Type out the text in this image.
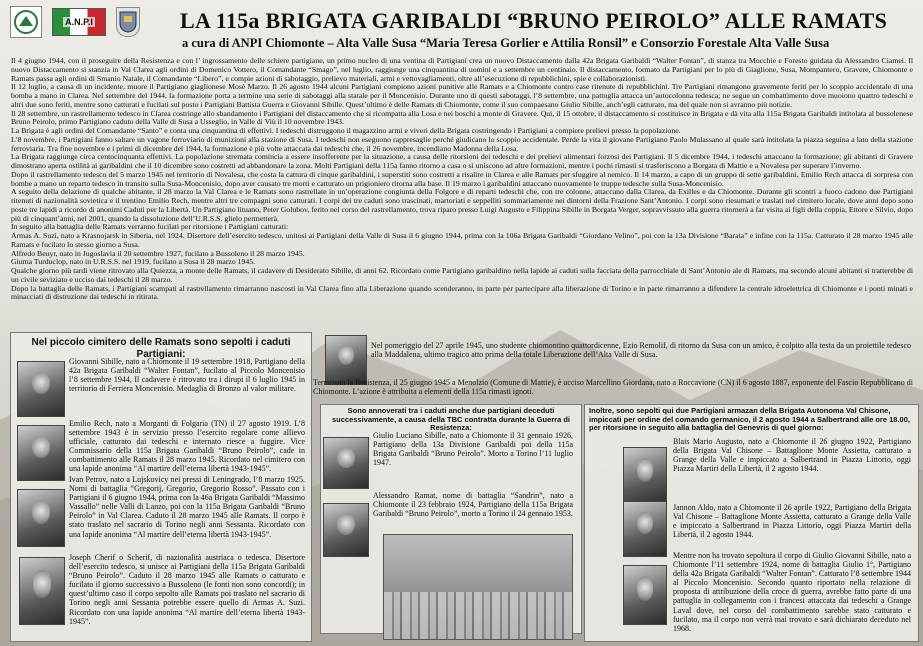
A.N.P.I	LA 115a BRIGATA GARIBALDI “BRUNO PEIROLO” ALLE RAMATS

a cura di ANPI Chiomonte – Alta Valle Susa “Maria Teresa Gorlier e Attilia Ronsil” e Consorzio Forestale Alta Valle Susa

Il 4 giugno 1944, con il proseguire della Resistenza e con l’ ingrossamento delle schiere partigiane, un primo nucleo di una ventina di Partigiani crea un nuovo Distaccamento dalla 42a Brigata Garibaldi “Walter Fontan”, di stanza tra Mocchie e Foresto guidata da Alessandro Ciamei. Il nuovo Distaccamento si stanzia in Val Clarea agli ordini di Domenico Vottero, il Comandante “Smago”, nel luglio, raggiunge una cinquantina di uomini e a settembre un centinaio. Il distaccamento, formato da Partigiani per lo più di Giaglione, Susa, Mompantero, Gravere, Chiomonte e Ramats passa agli ordini di Smanio Natale, il Comandante “Libero”, e compie azioni di sabotaggio, prelievo materiali, armi e vettovagliamenti, oltre all’esecuzione di repubblichini, spie e collaborazionisti.

Il 12 luglio, a causa di un incidente, muore il Partigiano giaglionese Mosè Marzo. Il 26 agosto 1944 alcuni Partigiani compiono azioni punitive alle Ramats e a Chiomonte contro case ritenute di repubblichini. Tre Partigiani rimangono gravemente feriti per lo scoppio accidentale di una bomba a mano in Clarea. Nel settembre del 1944, la formazione porta a termine una serie di sabotaggi alla statale per il Moncenisio. Durante uno di questi sabotaggi, l’8 settembre, una pattuglia attacca un’autocolonna tedesca; ne segue un combattimento dove muoiono quattro tedeschi e altri due sono feriti, mentre sono catturati e fucilati sul posto i Partigiani Battista Guerra e Giovanni Sibille. Quest’ultimo è delle Ramats di Chiomonte, come il suo compaesano Giulio Sibille, anch’egli catturato, ma del quale non si avranno più notizie.

Il 28 settembre, un rastrellamento tedesco in Clarea costringe allo sbandamento i Partigiani del distaccamento che si ricompatta alla Losa e nei boschi a monte di Gravere. Qui, il 15 ottobre, il distaccamento si costituisce in Brigata e dà vita alla 115a Brigata Garibaldi intitolata al bussolenese Bruno Peirolo, primo Partigiano caduto della Valle di Susa a Usseglio, in Valle di Viù il 10 novembre 1943.

La Brigata è agli ordini del Comandante “Santo” e conta una cinquantina di effettivi. I tedeschi distruggono il magazzino armi e viveri della Brigata costringendo i Partigiani a compiere prelievi presso la popolazione.

L’8 novembre, i Partigiani fanno saltare un vagone ferroviario di munizioni alla stazione di Susa. I tedeschi non eseguono rappresaglie perché giudicano lo scoppio accidentale. Perde la vita il giovane Partigiano Paolo Mulassano al quale sarà intitolata la piazza seguina a lato della stazione ferroviaria. Tra fine novembre e i primi di dicembre del 1944, la formazione è più volte attaccata dai tedeschi che, il 26 novembre, incendiano Madonna della Losa.

La Brigata raggiunge circa centocinquanta effettivi. La popolazione stremata comincia a essere insofferente per la situazione, a causa delle ritorsioni dei tedeschi e dei prelievi alimentari forzosi dei Partigiani. Il 5 dicembre 1944, i tedeschi attaccano la formazione; gli abitanti di Gravere dimostrano aperta ostilità ai garibaldini che il 10 dicembre sono costretti ad abbandonare la zona. Molti Partigiani della 115a fanno ritorno a casa o si uniscono ad altre formazioni, mentre i pochi rimasti si trasferiscono a Borgata di Mattie e a Novalesa per superare l’inverno.

Dopo il rastrellamento tedesco del 5 marzo 1945 nel territorio di Novalesa, che costa la cattura di cinque garibaldini, i superstiti sono costretti a risalire in Clarea e alle Ramats per sfuggire al nemico. Il 14 marzo, a capo di un gruppo di sette garibaldini, Emilio Rech attacca di sorpresa con bombe a mano un reparto tedesco in transito sulla Susa-Moncenisio, dopo aver causato tre morti e catturato un prigioniero ritorna alla base. Il 19 marzo i garibaldini attaccano nuovamente le truppe tedesche sulla Susa-Moncenisio.

A seguito della delazione di qualche abitante, il 28 marzo la Val Clarea e le Ramats sono rastrellate in un’operazione congiunta della Folgore e di reparti tedeschi che, con tre colonne, attaccano dalla Clarea, da Exilles e da Chiomonte. Durante gli scontri a fuoco cadono due Partigiani ritenuti di nazionalità sovietica e il trentino Emilio Rech, mentre altri tre compagni sono catturati. I corpi dei tre caduti sono trascinati, martoriati e seppelliti sommariamente nei dintorni della Frazione Sant’Antonio. I corpi sono riesumati e traslati nel cimitero locale, dove anni dopo sono poste tre lapidi a ricordo di anonimi Caduti per la Libertà. Un Partigiano lituano, Peter Golubov, ferito nel corso del rastrellamento, trova riparo presso Luigi Augusto e Filippina Sibille in Borgata Verger, sopravvissuto alla guerra ritornerà a far visita ai figli della coppia, Ettore e Silvio, dopo più di cinquant’anni, nel 2001, quando la dissoluzione dell’U.R.S.S. glielo permetterà.

In seguito alla battaglia delle Ramats verranno fucilati per ritorsione i Partigiani catturati:

Armas A. Suzi, nato a Krasnojarsk in Siberia, nel 1924. Disertore dell’esercito tedesco, unitosi ai Partigiani della Valle di Susa il 6 giugno 1944, prima con la 106a Brigata Garibaldi “Giordano Velino”, poi con la 13a Divisione “Barata” e infine con la 115a. Catturato il 28 marzo 1945 alle Ramats e fucilato lo stesso giorno a Susa.

Alfredo Beuyr, nato in Jugoslavia il 20 settembre 1927, fucilato a Bussoleno il 28 marzo 1945.

Giuma Turduclop, nato in U.R.S.S. nel 1919, fucilato a Susa il 28 marzo 1945.

Qualche giorno più tardi viene ritrovato alla Quiezza, a monte delle Ramats, il cadavere di Desiderato Sibille, di anni 62. Ricordato come Partigiano garibaldino nella lapide ai caduti sulla facciata della parrocchiale di Sant’Antonio ale di Ramats, ma secondo alcuni abitanti si tratterebbe di un civile seviziato e ucciso dai tedeschi il 28 marzo.

Dopo la battaglia delle Ramats, i Partigiani scampati al rastrellamento rimarranno nascosti in Val Clarea fino alla Liberazione quando scenderanno, in parte per partecipare alla liberazione di Torino e in parte rimarranno a difendere la centrale idroelettrica di Chiomonte e i ponti minati e minacciati di distruzione dai tedeschi in ritirata.

Nel piccolo cimitero delle Ramats sono sepolti i caduti Partigiani:

Giovanni Sibille, nato a Chiomonte il 19 settembre 1918, Partigiano della 42a Brigata Garibaldi “Walter Fontan”, fucilato al Piccolo Moncenisio l’8 settembre 1944, Il cadavere è ritrovato tra i dirupi il 6 luglio 1945 in territorio di Ferriera Moncenisio. Medaglia di Bronzo al valor militare.
Emilio Rech, nato a Morganti di Folgaria (TN) il 27 agosto 1919. L’8 settembre 1943 è in servizio presso l’esercito regolare come allievo ufficiale, catturato dai tedeschi e internato riesce a fuggire. Vice Commissario della 115a Brigata Garibaldi “Bruno Peirolo”, cade in combattimento alle Ramats il 28 marzo 1945. Ricordato nel cimitero con una lapide anonima “Al martire dell’eterna libertà 1943-1945”.
Ivan Petrov, nato a Lujskovicy nei pressi di Leningrado, l’8 marzo 1925. Nomi di battaglia “Gregorij, Gregorio, Gregorio Rosso”. Passato con i Partigiani il 6 giugno 1944, prima con la 46a Brigata Garibaldi “Massimo Vassallo” nelle Valli di Lanzo, poi con la 115a Brigata Garibaldi “Bruno Peirolo” in Val Clarea. Caduto il 28 marzo 1945 alle Ramats. Il corpo è stato traslato nel sacrario di Torino negli anni Sessanta. Ricordato con una lapide anonima “Al martire dell’eterna libertà 1943-1945”.
Joseph Cherif o Scherif, di nazionalità austriaca o tedesca. Disertore dell’esercito tedesco, si unisce ai Partigiani della 115a Brigata Garibaldi “Bruno Peirolo”. Caduto il 28 marzo 1945 alle Ramats o catturato e fucilato il giorno successivo a Bussoleno (le fonti non sono concordi); in quest’ultimo caso il corpo sepolto alle Ramats poi traslato nel sacrario di Torino negli anni Sessanta potrebbe essere quello di Armas A. Suzi. Ricordato con una lapide anonima “Al martire dell’eterna libertà 1943-1945”.
Nel pomeriggio del 27 aprile 1945, uno studente chiomontino quattordicenne, Ezio Remolif, di ritorno da Susa con un amico, è colpito alla testa da un proiettile tedesco alla Maddalena, ultimo tragico atto prima della totale Liberazione dell’Alta Valle di Susa.
Terminata la Resistenza, il 25 giugno 1945 a Menolzio (Comune di Mattie), è ucciso Marcellino Giordana, nato a Roccavione (CN) il 6 agosto 1887, esponente del Fascio Repubblicano di Chiomonte. L’azione è attribuita a elementi della 115a rimasti ignoti.

Sono annoverati tra i caduti anche due partigiani deceduti successivamente, a causa della TBC contratta durante la Guerra di Resistenza:

Giulio Luciano Sibille, nato a Chiomonte il 31 gennaio 1926, Partigiano della 13a Divisione Garibaldi poi della 115a Brigata Garibaldi “Bruno Peirolo”. Morto a Torino l’11 luglio 1947.
Alessandro Ramat, nome di battaglia “Sandrin”, nato a Chiomonte il 23 febbraio 1924, Partigiano della 115a Brigata Garibaldi “Bruno Peirolo”, morto a Torino il 24 gennaio 1953.

Inoltre, sono sepolti qui due Partigiani armazan della Brigata Autonoma Val Chisone, impiccati per ordine del comando germanico, il 2 agosto 1944 a Salbertrand alle ore 18.00, per ritorsione in seguito alla battaglia del Genevris di quel giorno:

Blais Mario Augusto, nato a Chiomonte il 26 giugno 1922, Partigiano della Brigata Val Chisone – Battaglione Monte Assietta, catturato a Grange della Valle e impiccato a Salbertrand in Piazza Littorio, oggi Piazza Martiri della Libertà, il 2 agosto 1944.
Jannon Aldo, nato a Chiomonte il 26 aprile 1922, Partigiano della Brigata Val Chisone – Battaglione Monte Assietta, catturato a Grange della Valle e impiccato a Salbertrand in Piazza Littorio, oggi Piazza Martiri della Libertà, il 2 agosto 1944.
Mentre non ha trovato sepoltura il corpo di Giulio Giovanni Sibille, nato a Chiomonte l’11 settembre 1924, nome di battaglia Giulio 1°, Partigiano della 42a Brigata Garibaldi “Walter Fontan”. Catturato l’8 settembre 1944 al Piccolo Moncenisio. Secondo quanto riportato nella relazione di proposta di attribuzione della croce di guerra, avrebbe fatto parte di una pattuglia in collegamento con i francesi attaccata dai tedeschi a Grange Laval dove, nel corso del combattimento sarebbe stato catturato e fucilato, ma il corpo non verrà mai trovato e sarà dichiarato deceduto nel 1968.
